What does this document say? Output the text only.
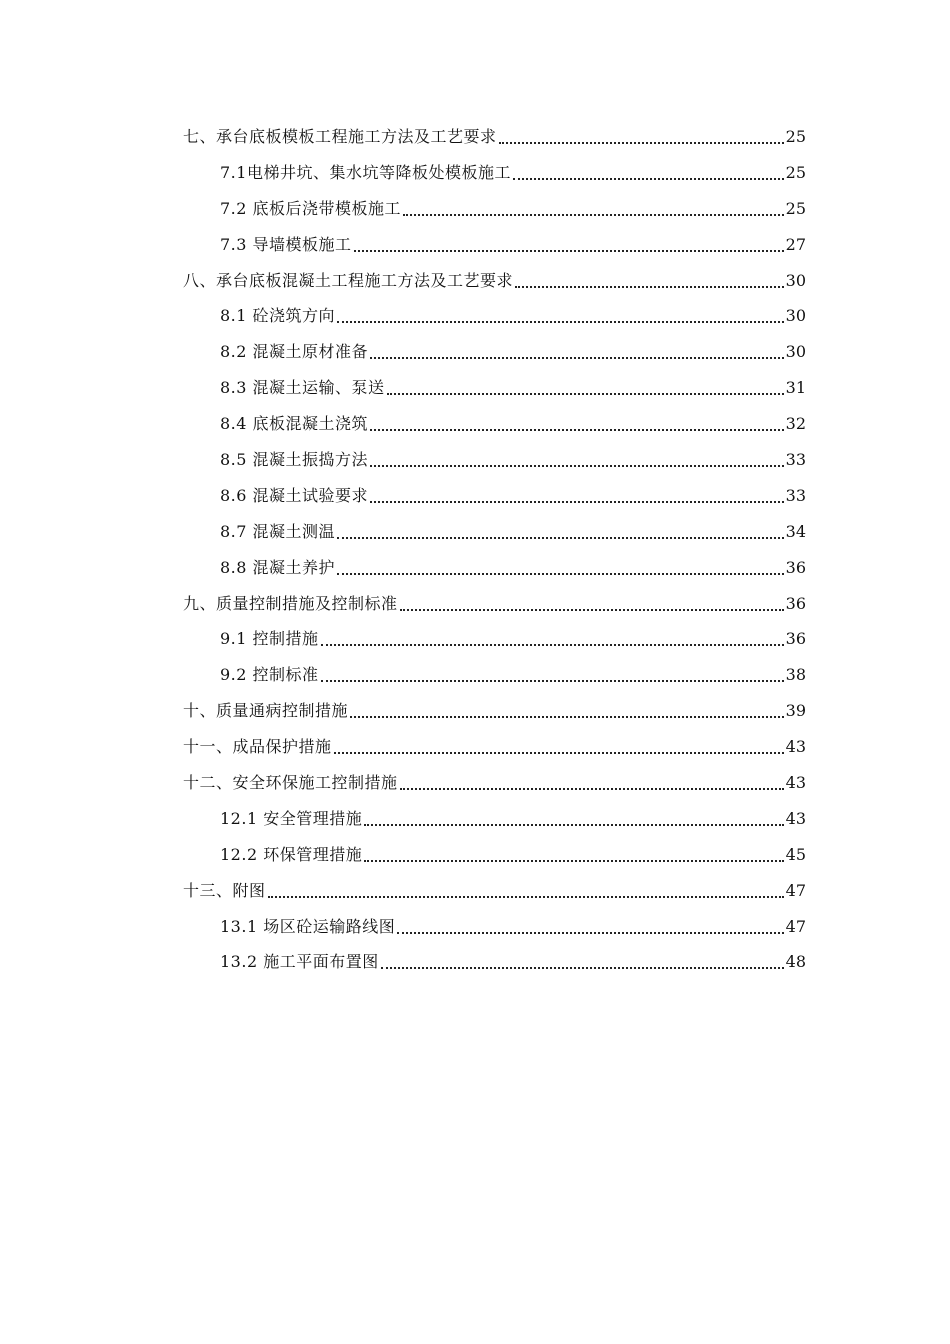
七、承台底板模板工程施工方法及工艺要求	25
7.1电梯井坑、集水坑等降板处模板施工	25
7.2 底板后浇带模板施工	25
7.3 导墙模板施工	27
八、承台底板混凝土工程施工方法及工艺要求	30
8.1 砼浇筑方向	30
8.2 混凝土原材准备	30
8.3 混凝土运输、泵送	31
8.4 底板混凝土浇筑	32
8.5 混凝土振捣方法	33
8.6 混凝土试验要求	33
8.7 混凝土测温	34
8.8 混凝土养护	36
九、质量控制措施及控制标准	36
9.1 控制措施	36
9.2 控制标准	38
十、质量通病控制措施	39
十一、成品保护措施	43
十二、安全环保施工控制措施	43
12.1 安全管理措施	43
12.2 环保管理措施	45
十三、附图	47
13.1 场区砼运输路线图	47
13.2 施工平面布置图	48
